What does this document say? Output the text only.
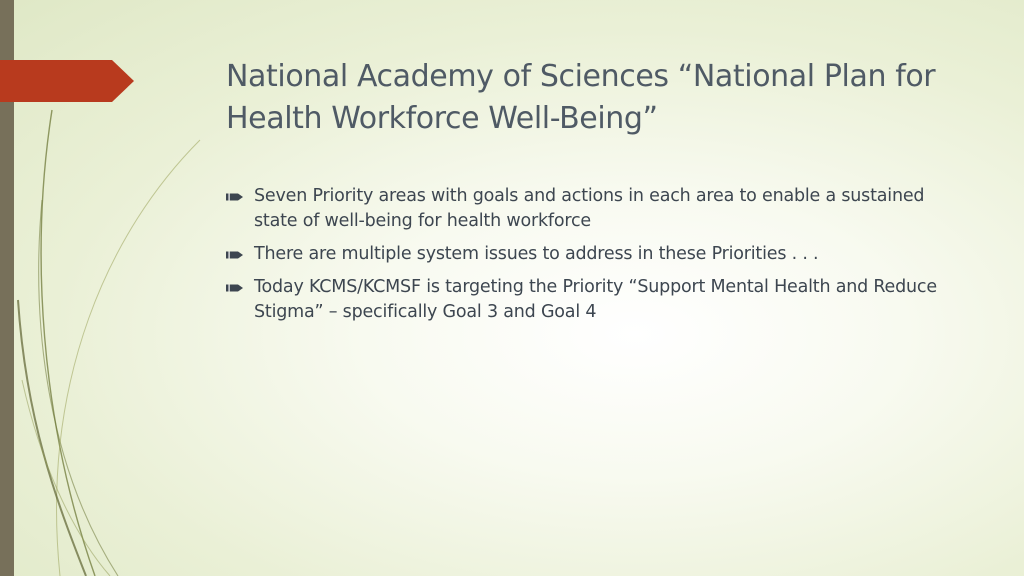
National Academy of Sciences “National Plan for Health Workforce Well-Being”
Seven Priority areas with goals and actions in each area to enable a sustained state of well-being for health workforce
There are multiple system issues to address in these Priorities . . .
Today KCMS/KCMSF is targeting the Priority “Support Mental Health and Reduce Stigma” – specifically Goal 3 and Goal 4
